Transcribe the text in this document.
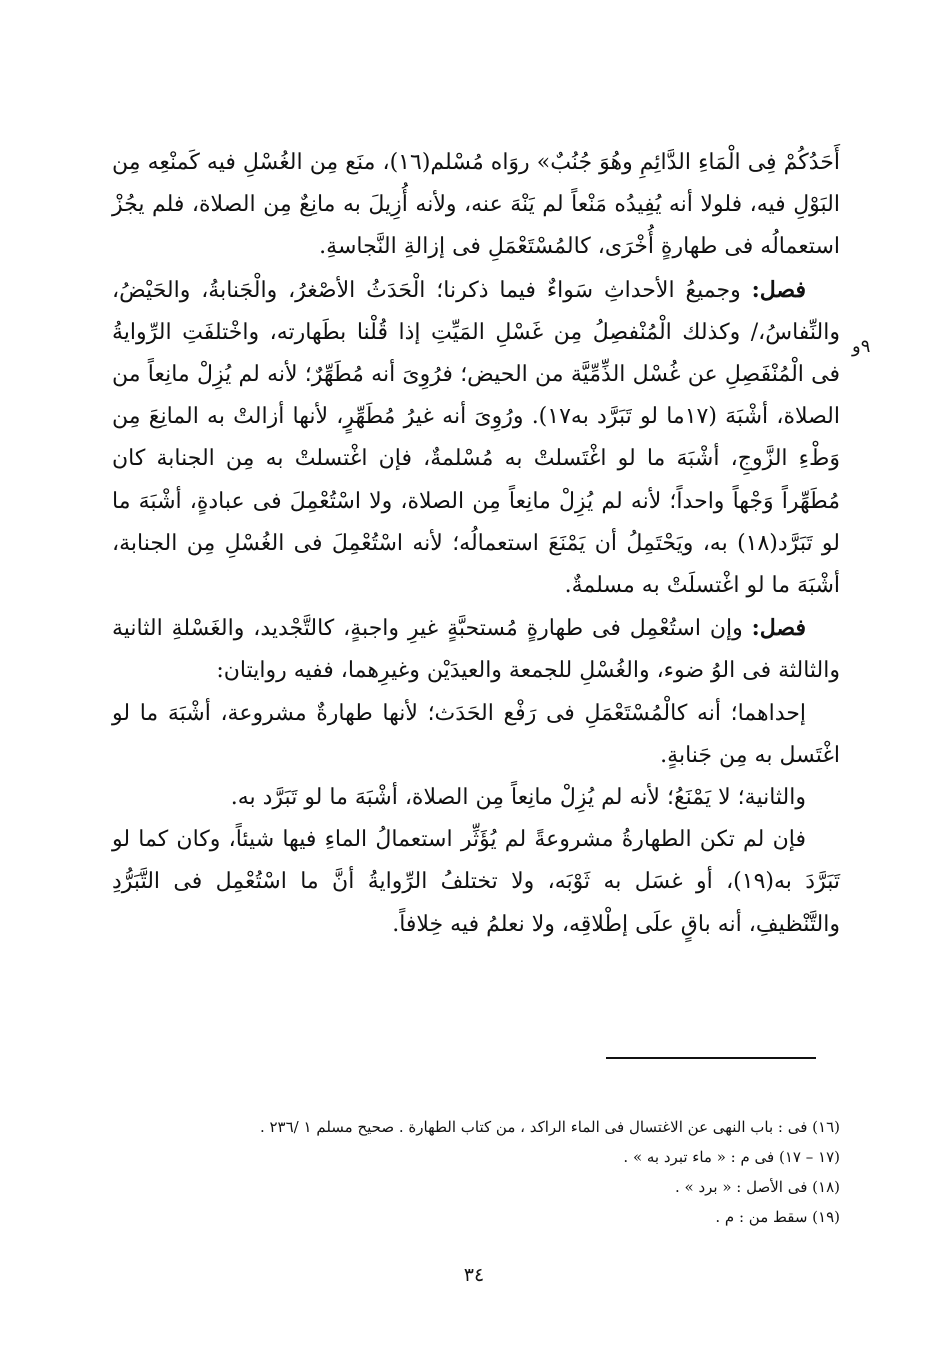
٩و

أَحَدُكُمْ فِى الْمَاءِ الدَّائِمِ وهُوَ جُنُبٌ» روَاه مُسْلم(١٦)، منَع مِن الغُسْلِ فيه كَمنْعِه مِن البَوْلِ فيه، فلولا أنه يُفِيدُه مَنْعاً لم يَنْهَ عنه، ولأنه أُزِيلَ به مانِعٌ مِن الصلاة، فلم يجُزْ استعمالُه فى طهارةٍ أُخْرَى، كالمُسْتَعْمَلِ فى إزالةِ النَّجاسةِ.

فصل: وجميعُ الأحداثِ سَواءٌ فيما ذكرنا؛ الْحَدَثُ الأصْغرُ، والْجَنابةُ، والحَيْضُ، والنِّفاسُ،/ وكذلك الْمُنْفصِلُ مِن غَسْلِ المَيِّتِ إذا قُلْنا بطَهارته، واخْتلفَتِ الرِّوايةُ فى الْمُنْفَصِلِ عن غُسْل الذِّمِّيَّة من الحيض؛ فرُوِىَ أنه مُطَهِّرٌ؛ لأنه لم يُزِلْ مانِعاً من الصلاة، أشْبَهَ (١٧ما لو تَبَرَّد به١٧). ورُوِىَ أنه غيرُ مُطَهِّرٍ، لأنها أزالتْ به المانِعَ مِن وَطْءِ الزَّوجِ، أشْبَهَ ما لو اغْتَسلتْ به مُسْلمةٌ، فإن اغْتسلتْ به مِن الجنابة كان مُطَهِّراً وَجْهاً واحداً؛ لأنه لم يُزِلْ مانِعاً مِن الصلاة، ولا اسْتُعْمِلَ فى عبادةٍ، أشْبَهَ ما لو تَبَرَّد(١٨) به، ويَحْتَمِلُ أن يَمْنَعَ استعمالُه؛ لأنه اسْتُعْمِلَ فى الغُسْلِ مِن الجنابة، أشْبَهَ ما لو اغْتسلَتْ به مسلمةٌ.

فصل: وإن استُعْمِل فى طهارةٍ مُستحبَّةٍ غيرِ واجبةٍ، كالتَّجْديد، والغَسْلةِ الثانية والثالثة فى الوُ ضوء، والغُسْلِ للجمعة والعيدَيْن وغيرِهما، ففيه روايتان:

إحداهما؛ أنه كالْمُسْتَعْمَلِ فى رَفْع الحَدَث؛ لأنها طهارةٌ مشروعة، أشْبَهَ ما لو اغْتَسل به مِن جَنابةٍ.

والثانية؛ لا يَمْنَعُ؛ لأنه لم يُزِلْ مانِعاً مِن الصلاة، أشْبَهَ ما لو تَبَرَّد به.

فإن لم تكن الطهارةُ مشروعةً لم يُؤَثِّر استعمالُ الماءِ فيها شيئاً، وكان كما لو تَبَرَّدَ به(١٩)، أو غسَل به ثَوْبَه، ولا تختلفُ الرِّوايةُ أنَّ ما اسْتُعْمِل فى التَّبَرُّدِ والتَّنْظيفِ، أنه باقٍ علَى إطْلاقِه، ولا نعلمُ فيه خِلافاً.

(١٦) فى : باب النهى عن الاغتسال فى الماء الراكد ، من كتاب الطهارة . صحيح مسلم ١ /٢٣٦ .
(١٧ – ١٧) فى م : « ماء تبرد به » .
(١٨) فى الأصل : « برد » .
(١٩) سقط من : م .
٣٤
